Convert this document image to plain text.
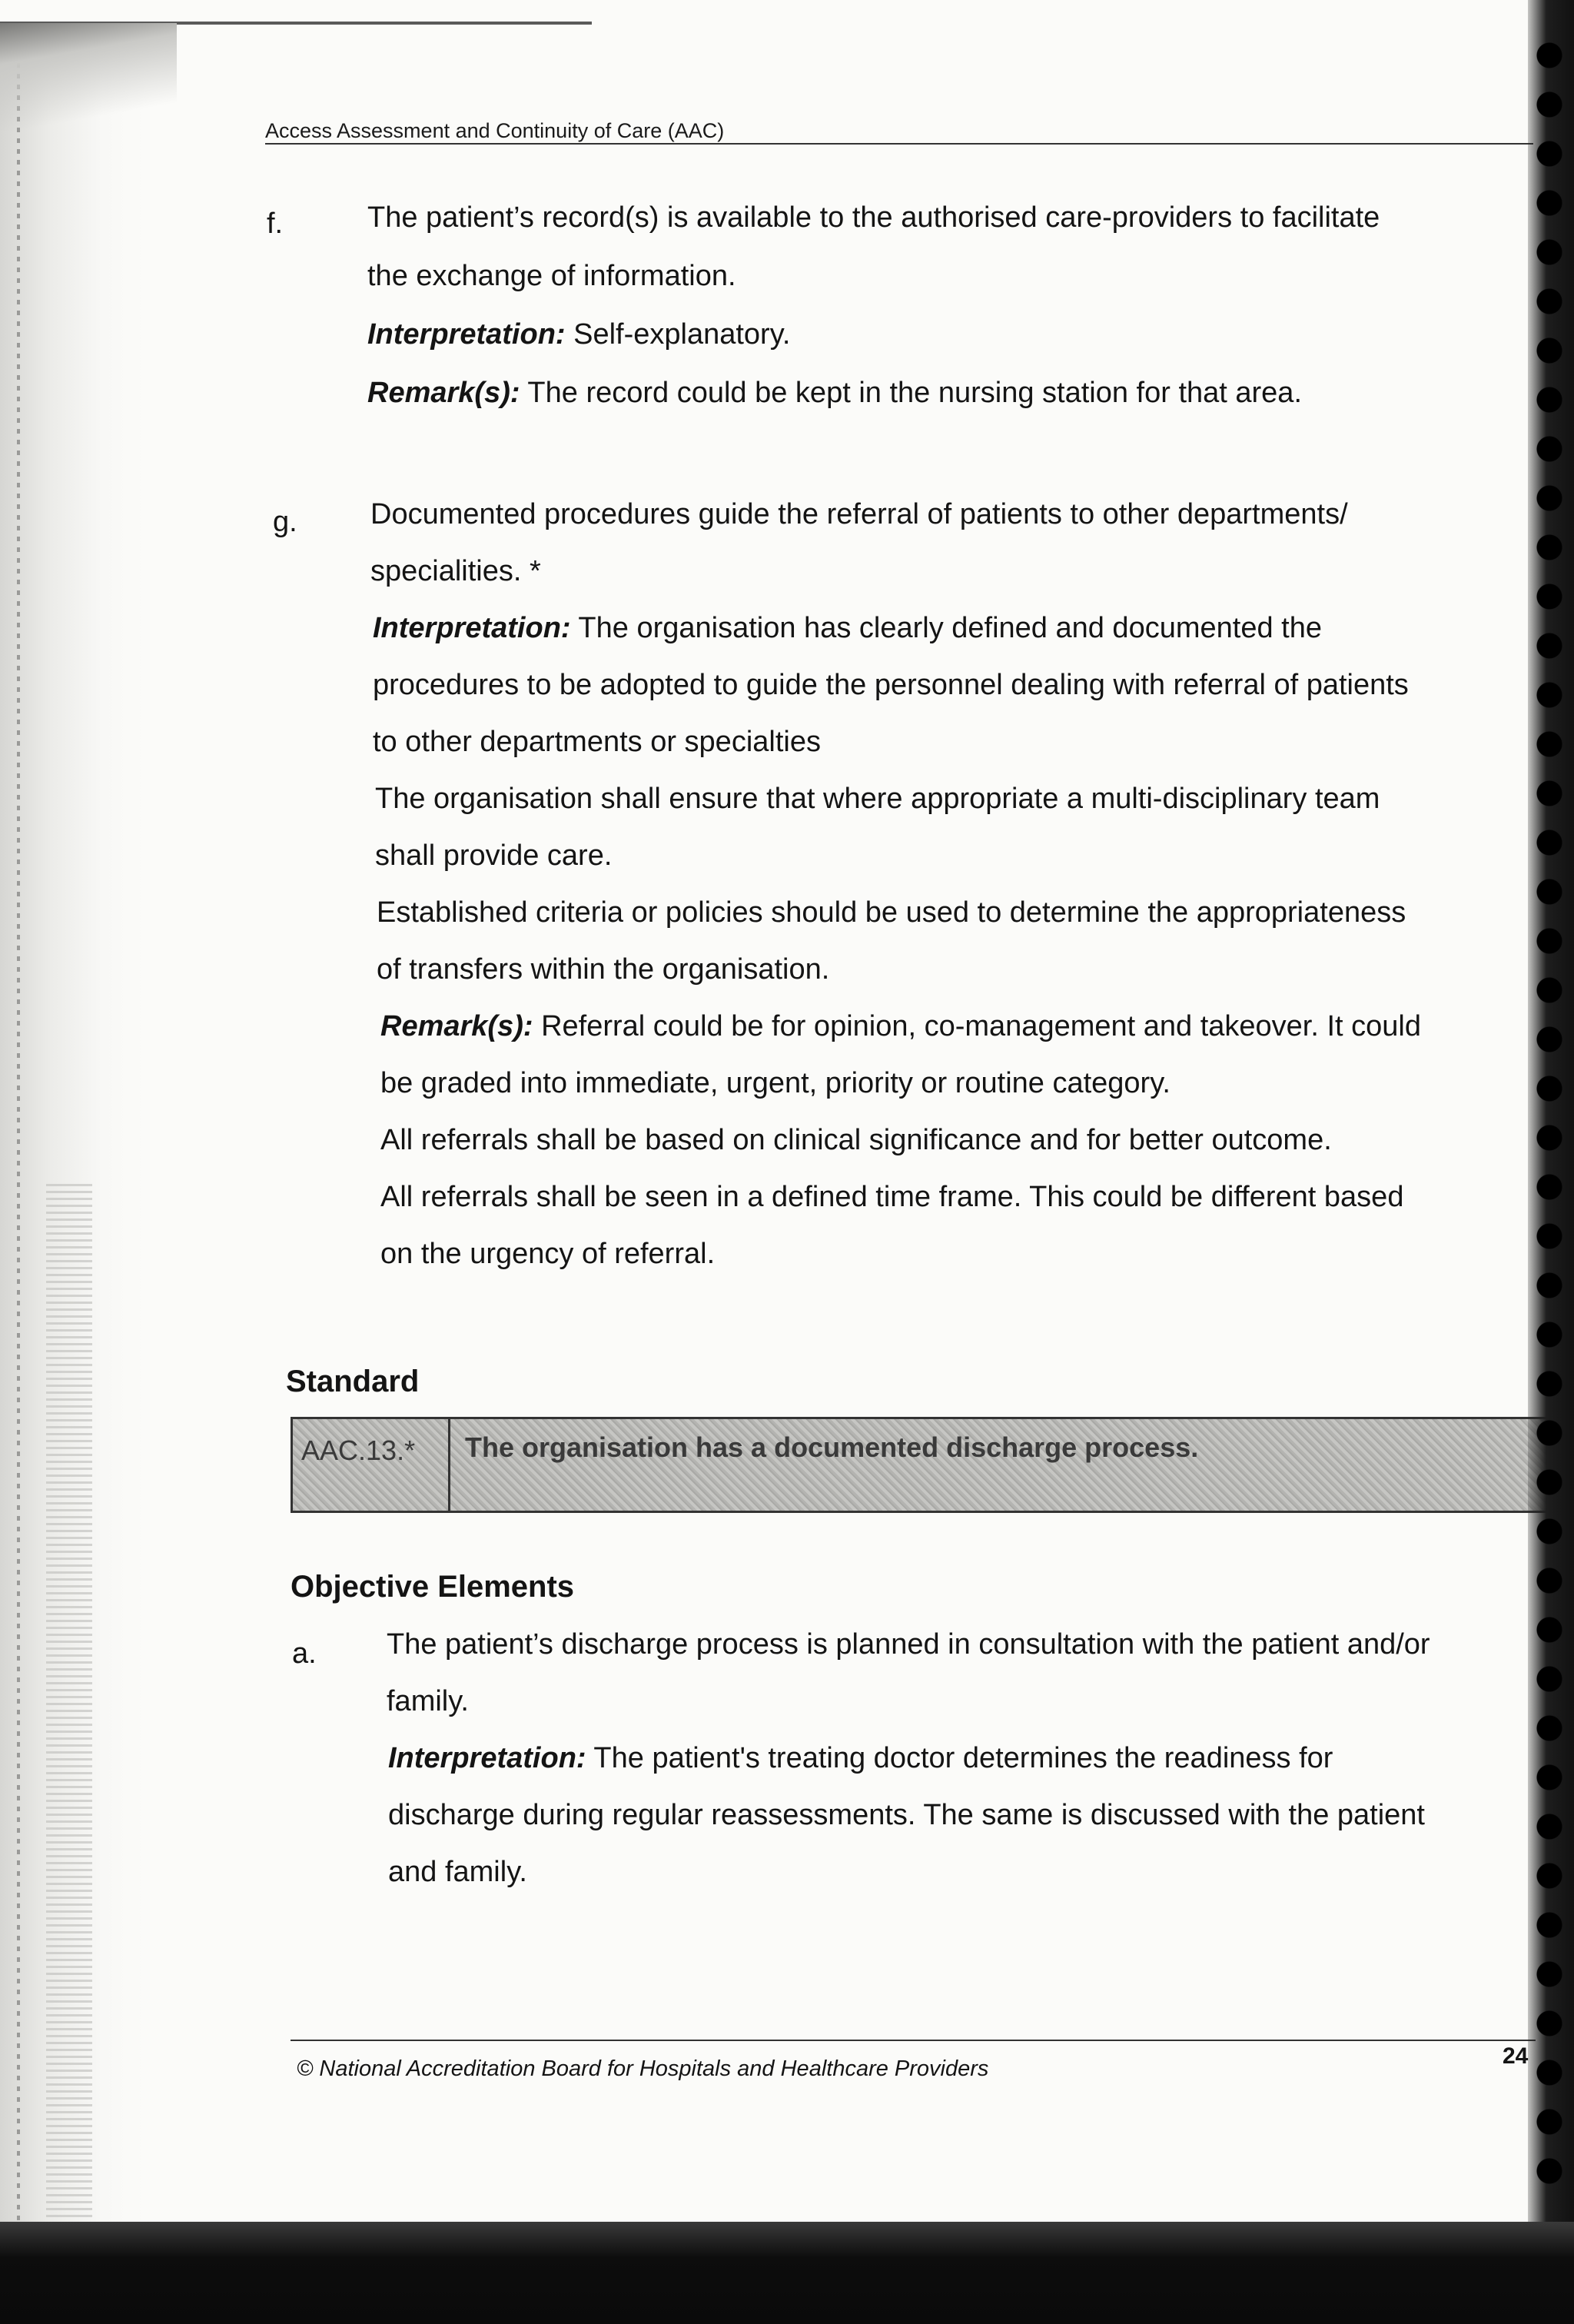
Access Assessment and Continuity of Care (AAC)
f.	The patient’s record(s) is available to the authorised care-providers to facilitate
the exchange of information.
Interpretation: Self-explanatory.
Remark(s): The record could be kept in the nursing station for that area.
g.	Documented procedures guide the referral of patients to other departments/
specialities. *
Interpretation: The organisation has clearly defined and documented the
procedures to be adopted to guide the personnel dealing with referral of patients
to other departments or specialties
The organisation shall ensure that where appropriate a multi-disciplinary team
shall provide care.
Established criteria or policies should be used to determine the appropriateness
of transfers within the organisation.
Remark(s): Referral could be for opinion, co-management and takeover. It could
be graded into immediate, urgent, priority or routine category.
All referrals shall be based on clinical significance and for better outcome.
All referrals shall be seen in a defined time frame. This could be different based
on the urgency of referral.
Standard
AAC.13.* The organisation has a documented discharge process.
Objective Elements
a. The patient’s discharge process is planned in consultation with the patient and/or
family.
Interpretation: The patient's treating doctor determines the readiness for
discharge during regular reassessments. The same is discussed with the patient
and family.
© National Accreditation Board for Hospitals and Healthcare Providers	24
